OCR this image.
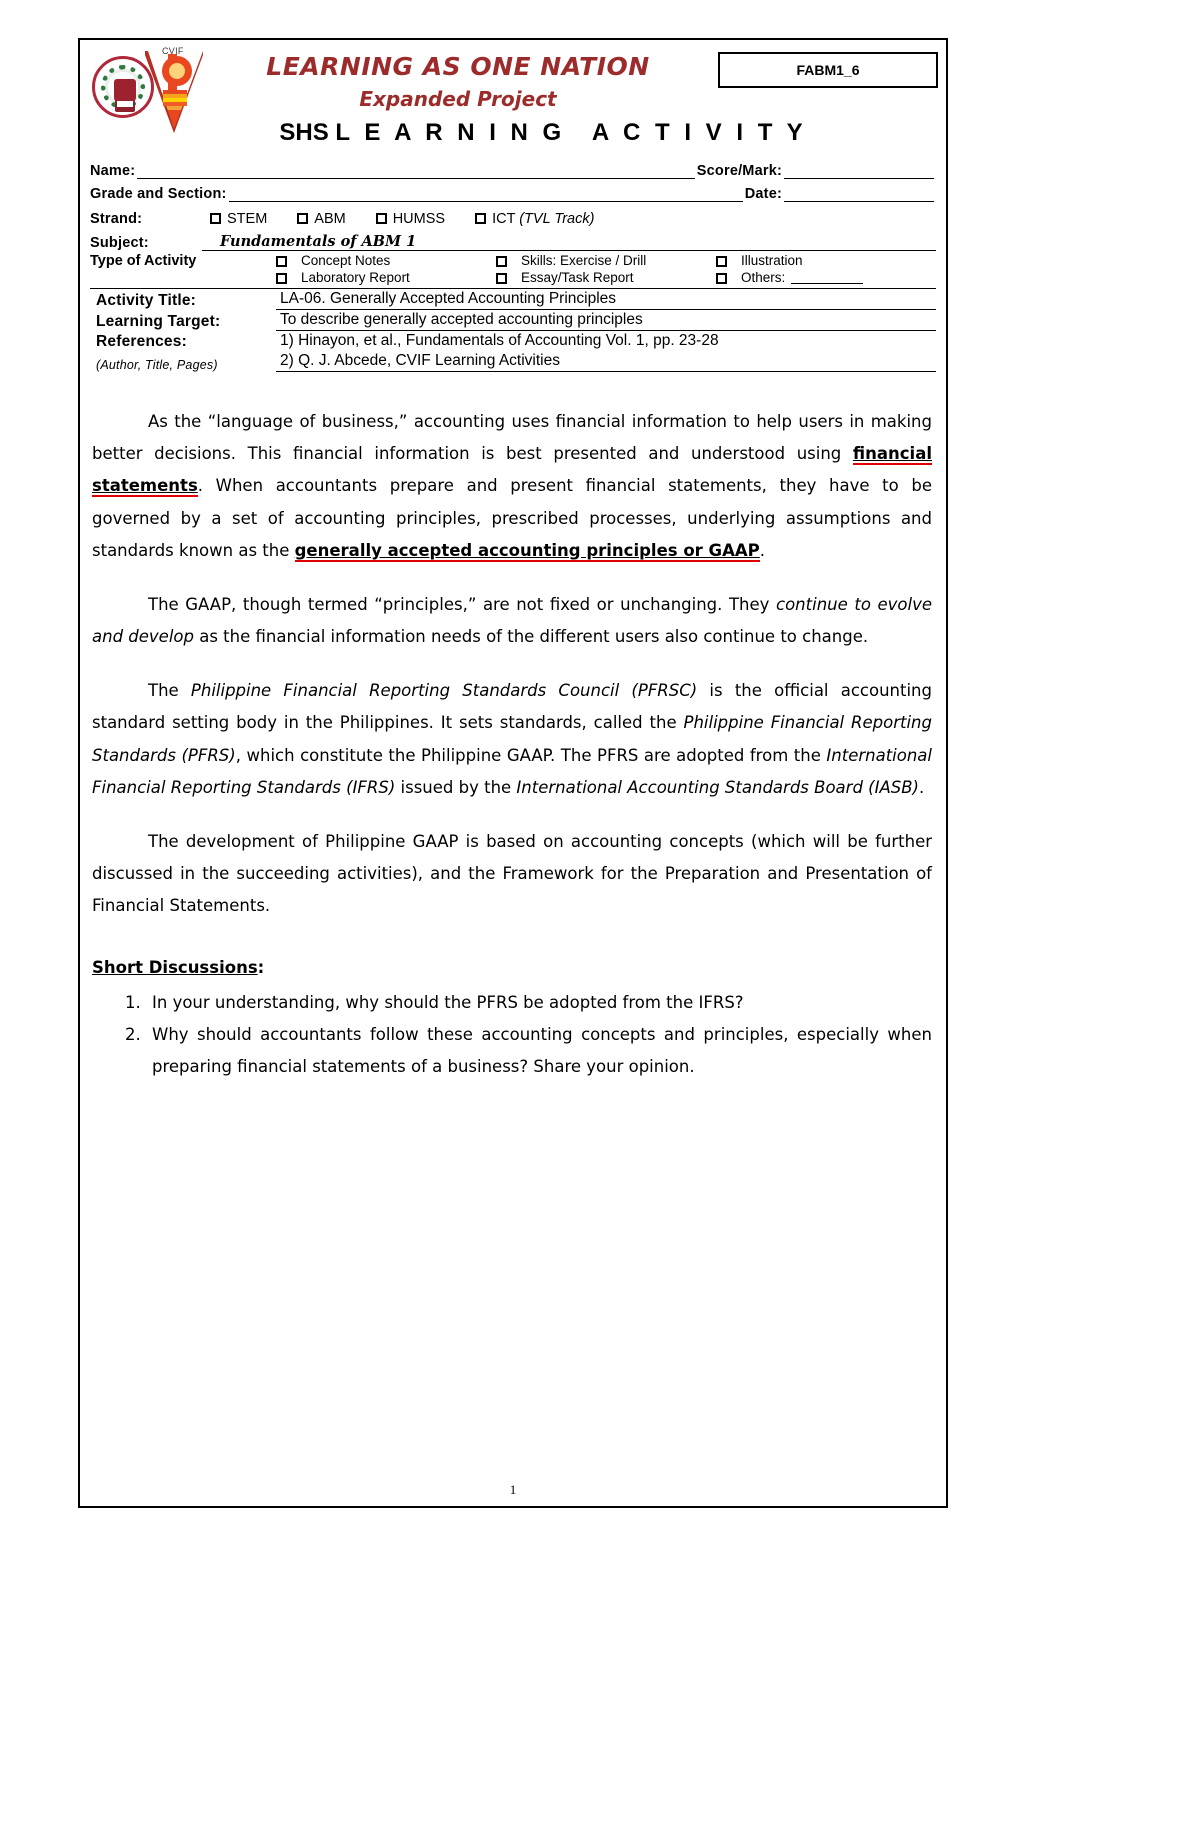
CVIF
LEARNING AS ONE NATION
Expanded Project
SHS L E A R N I N G A C T I V I T Y
FABM1_6
Name:	Score/Mark:
Grade and Section:	Date:
Strand:	STEM	ABM	HUMSS	ICT (TVL Track)
Subject:	Fundamentals of ABM 1
Type of Activity	Concept Notes	Skills: Exercise / Drill	Illustration
Laboratory Report	Essay/Task Report	Others:
Activity Title:	LA-06. Generally Accepted Accounting Principles
Learning Target:	To describe generally accepted accounting principles
References:	1) Hinayon, et al., Fundamentals of Accounting Vol. 1, pp. 23-28
(Author, Title, Pages)	2) Q. J. Abcede, CVIF Learning Activities

As the “language of business,” accounting uses financial information to help users in making better decisions. This financial information is best presented and understood using financial statements. When accountants prepare and present financial statements, they have to be governed by a set of accounting principles, prescribed processes, underlying assumptions and standards known as the generally accepted accounting principles or GAAP.

The GAAP, though termed “principles,” are not fixed or unchanging. They continue to evolve and develop as the financial information needs of the different users also continue to change.

The Philippine Financial Reporting Standards Council (PFRSC) is the official accounting standard setting body in the Philippines. It sets standards, called the Philippine Financial Reporting Standards (PFRS), which constitute the Philippine GAAP. The PFRS are adopted from the International Financial Reporting Standards (IFRS) issued by the International Accounting Standards Board (IASB).

The development of Philippine GAAP is based on accounting concepts (which will be further discussed in the succeeding activities), and the Framework for the Preparation and Presentation of Financial Statements.

Short Discussions:
1. In your understanding, why should the PFRS be adopted from the IFRS?
2. Why should accountants follow these accounting concepts and principles, especially when preparing financial statements of a business? Share your opinion.
1
